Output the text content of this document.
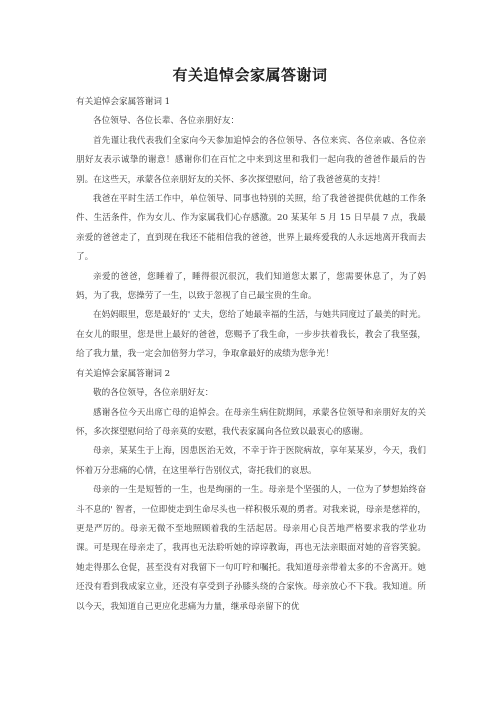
有关追悼会家属答谢词

有关追悼会家属答谢词 1

各位领导、各位长辈、各位亲朋好友：

首先谨让我代表我们全家向今天参加追悼会的各位领导、各位来宾、各位亲戚、各位亲朋好友表示诚挚的谢意！感谢你们在百忙之中来到这里和我们一起向我的爸爸作最后的告别。在这些天，承蒙各位亲朋好友的关怀、多次探望慰问，给了我爸爸莫的支持！

我爸在平时生活工作中，单位领导、同事也特别的关照，给了我爸爸提供优越的工作条件、生活条件，作为女儿、作为家属我们心存感激。20 某某年 5 月 15 日早晨 7 点，我最亲爱的爸爸走了，直到现在我还不能相信我的爸爸，世界上最疼爱我的人永远地离开我而去了。

亲爱的爸爸，您睡着了，睡得很沉很沉，我们知道您太累了，您需要休息了，为了妈妈，为了我，您操劳了一生，以致于忽视了自己最宝贵的生命。

在妈妈眼里，您是最好的' 丈夫，您给了她最幸福的生活，与她共同度过了最美的时光。在女儿的眼里，您是世上最好的爸爸，您赐予了我生命，一步步扶着我长，教会了我坚强，给了我力量，我一定会加倍努力学习，争取拿最好的成绩为您争光！

有关追悼会家属答谢词 2

敬的各位领导，各位亲朋好友：

感谢各位今天出席亡母的追悼会。在母亲生病住院期间，承蒙各位领导和亲朋好友的关怀，多次探望慰问给了母亲莫的安慰，我代表家属向各位致以最衷心的感谢。

母亲，某某生于上海，因患医治无效，不幸于许于医院病故，享年某某岁，今天，我们怀着万分悲痛的心情，在这里举行告别仪式，寄托我们的哀思。

母亲的一生是短暂的一生，也是绚丽的一生。母亲是个坚强的人，一位为了梦想始终奋斗不息的' 智者，一位即使走到生命尽头也一样积极乐观的勇者。对我来说，母亲是慈祥的，更是严厉的。母亲无微不至地照顾着我的生活起居。母亲用心良苦地严格要求我的学业功课。可是现在母亲走了，我再也无法聆听她的谆谆教诲，再也无法亲眼面对她的音容笑貌。她走得那么仓促，甚至没有对我留下一句叮咛和嘱托。我知道母亲带着太多的不舍离开。她还没有看到我成家立业，还没有享受到子孙膝头绕的合家恢。母亲放心不下我。我知道。所以今天，我知道自己更应化悲痛为力量，继承母亲留下的优
